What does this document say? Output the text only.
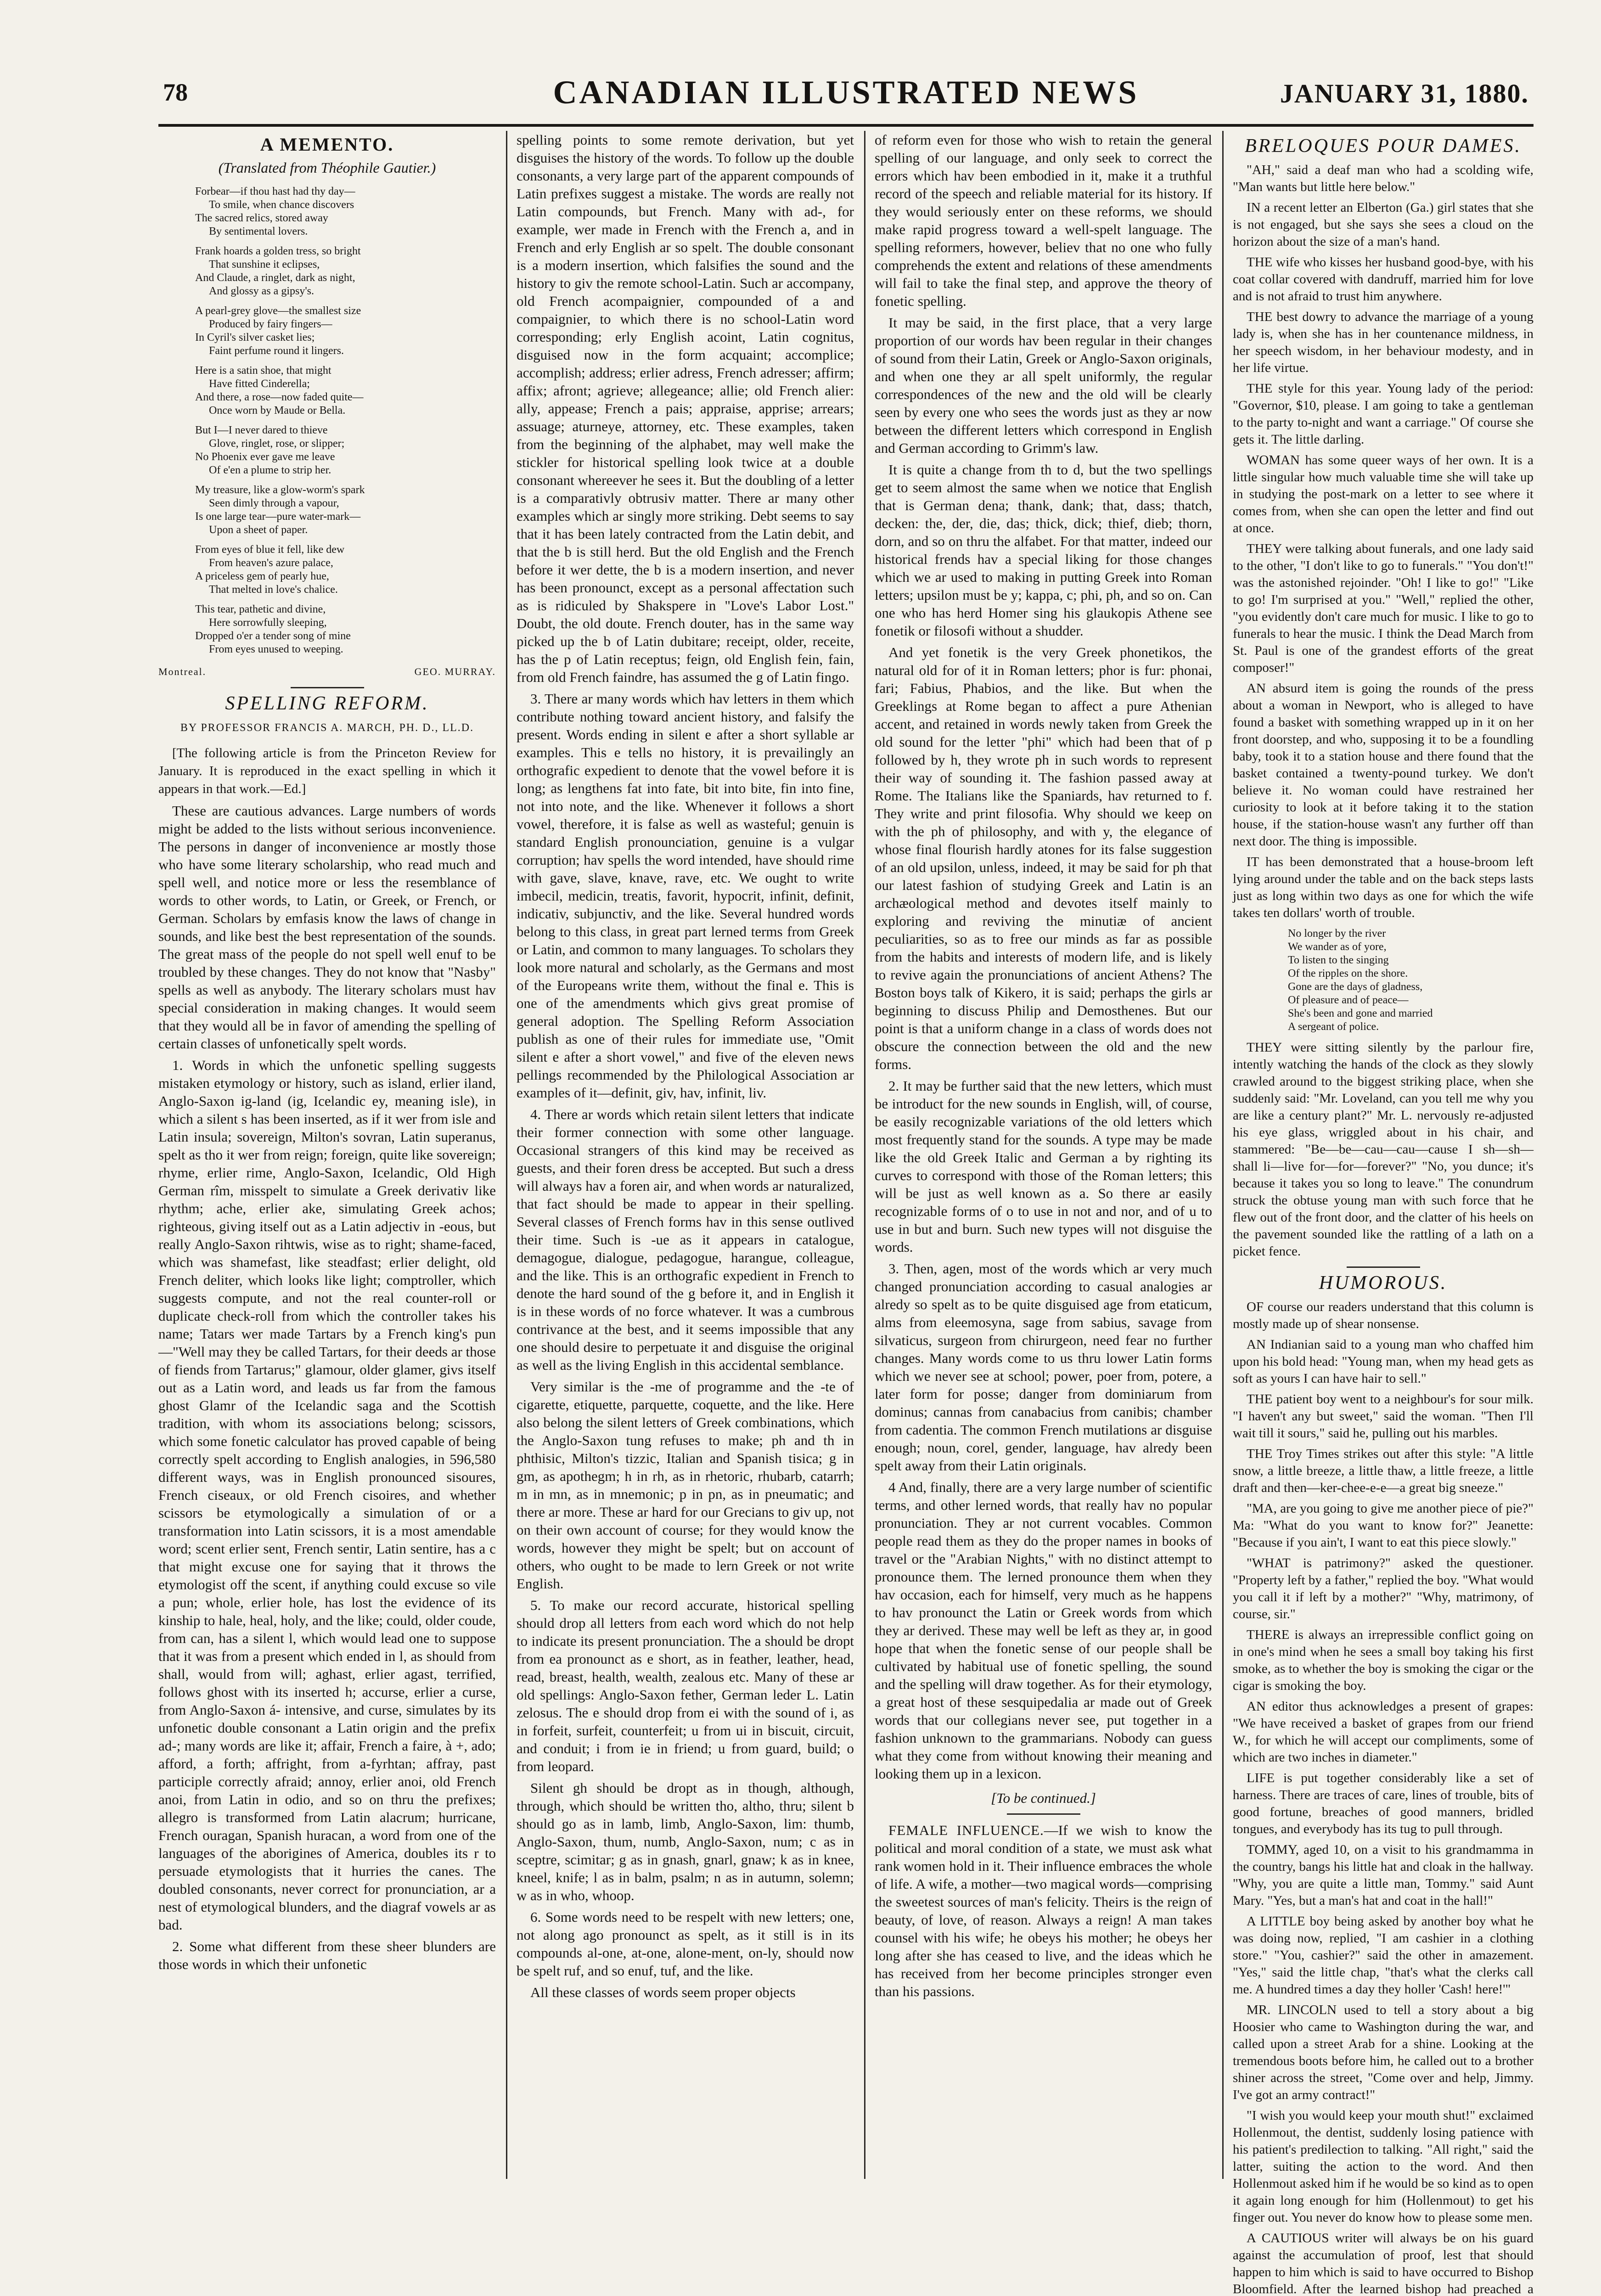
78	CANADIAN ILLUSTRATED NEWS	JANUARY 31, 1880.
A MEMENTO.
(Translated from Théophile Gautier.)
Forbear—if thou hast had thy day—
To smile, when chance discovers
The sacred relics, stored away
By sentimental lovers.
Frank hoards a golden tress, so bright
That sunshine it eclipses,
And Claude, a ringlet, dark as night,
And glossy as a gipsy's.
A pearl-grey glove—the smallest size
Produced by fairy fingers—
In Cyril's silver casket lies;
Faint perfume round it lingers.
Here is a satin shoe, that might
Have fitted Cinderella;
And there, a rose—now faded quite—
Once worn by Maude or Bella.
But I—I never dared to thieve
Glove, ringlet, rose, or slipper;
No Phoenix ever gave me leave
Of e'en a plume to strip her.
My treasure, like a glow-worm's spark
Seen dimly through a vapour,
Is one large tear—pure water-mark—
Upon a sheet of paper.
From eyes of blue it fell, like dew
From heaven's azure palace,
A priceless gem of pearly hue,
That melted in love's chalice.
This tear, pathetic and divine,
Here sorrowfully sleeping,
Dropped o'er a tender song of mine
From eyes unused to weeping.
Montreal.	GEO. MURRAY.
SPELLING REFORM.
BY PROFESSOR FRANCIS A. MARCH, PH. D., LL.D.

[The following article is from the Princeton Review for January. It is reproduced in the exact spelling in which it appears in that work.—Ed.]

These are cautious advances. Large numbers of words might be added to the lists without serious inconvenience. The persons in danger of inconvenience ar mostly those who have some literary scholarship, who read much and spell well, and notice more or less the resemblance of words to other words, to Latin, or Greek, or French, or German. Scholars by emfasis know the laws of change in sounds, and like best the best representation of the sounds. The great mass of the people do not spell well enuf to be troubled by these changes. They do not know that "Nasby" spells as well as anybody. The literary scholars must hav special consideration in making changes. It would seem that they would all be in favor of amending the spelling of certain classes of unfonetically spelt words.

1. Words in which the unfonetic spelling suggests mistaken etymology or history, such as island, erlier iland, Anglo-Saxon ig-land (ig, Icelandic ey, meaning isle), in which a silent s has been inserted, as if it wer from isle and Latin insula; sovereign, Milton's sovran, Latin superanus, spelt as tho it wer from reign; foreign, quite like sovereign; rhyme, erlier rime, Anglo-Saxon, Icelandic, Old High German rîm, misspelt to simulate a Greek derivativ like rhythm; ache, erlier ake, simulating Greek achos; righteous, giving itself out as a Latin adjectiv in -eous, but really Anglo-Saxon rihtwis, wise as to right; shame-faced, which was shamefast, like steadfast; erlier delight, old French deliter, which looks like light; comptroller, which suggests compute, and not the real counter-roll or duplicate check-roll from which the controller takes his name; Tatars wer made Tartars by a French king's pun—"Well may they be called Tartars, for their deeds ar those of fiends from Tartarus;" glamour, older glamer, givs itself out as a Latin word, and leads us far from the famous ghost Glamr of the Icelandic saga and the Scottish tradition, with whom its associations belong; scissors, which some fonetic calculator has proved capable of being correctly spelt according to English analogies, in 596,580 different ways, was in English pronounced sisoures, French ciseaux, or old French cisoires, and whether scissors be etymologically a simulation of or a transformation into Latin scissors, it is a most amendable word; scent erlier sent, French sentir, Latin sentire, has a c that might excuse one for saying that it throws the etymologist off the scent, if anything could excuse so vile a pun; whole, erlier hole, has lost the evidence of its kinship to hale, heal, holy, and the like; could, older coude, from can, has a silent l, which would lead one to suppose that it was from a present which ended in l, as should from shall, would from will; aghast, erlier agast, terrified, follows ghost with its inserted h; accurse, erlier a curse, from Anglo-Saxon á- intensive, and curse, simulates by its unfonetic double consonant a Latin origin and the prefix ad-; many words are like it; affair, French a faire, à +, ado; afford, a forth; affright, from a-fyrhtan; affray, past participle correctly afraid; annoy, erlier anoi, old French anoi, from Latin in odio, and so on thru the prefixes; allegro is transformed from Latin alacrum; hurricane, French ouragan, Spanish huracan, a word from one of the languages of the aborigines of America, doubles its r to persuade etymologists that it hurries the canes. The doubled consonants, never correct for pronunciation, ar a nest of etymological blunders, and the diagraf vowels ar as bad.

2. Some what different from these sheer blunders are those words in which their unfonetic

spelling points to some remote derivation, but yet disguises the history of the words. To follow up the double consonants, a very large part of the apparent compounds of Latin prefixes suggest a mistake. The words are really not Latin compounds, but French. Many with ad-, for example, wer made in French with the French a, and in French and erly English ar so spelt. The double consonant is a modern insertion, which falsifies the sound and the history to giv the remote school-Latin. Such ar accompany, old French acompaignier, compounded of a and compaignier, to which there is no school-Latin word corresponding; erly English acoint, Latin cognitus, disguised now in the form acquaint; accomplice; accomplish; address; erlier adress, French adresser; affirm; affix; afront; agrieve; allegeance; allie; old French alier: ally, appease; French a pais; appraise, apprise; arrears; assuage; aturneye, attorney, etc. These examples, taken from the beginning of the alphabet, may well make the stickler for historical spelling look twice at a double consonant whereever he sees it. But the doubling of a letter is a comparativly obtrusiv matter. There ar many other examples which ar singly more striking. Debt seems to say that it has been lately contracted from the Latin debit, and that the b is still herd. But the old English and the French before it wer dette, the b is a modern insertion, and never has been pronounct, except as a personal affectation such as is ridiculed by Shakspere in "Love's Labor Lost." Doubt, the old doute. French douter, has in the same way picked up the b of Latin dubitare; receipt, older, receite, has the p of Latin receptus; feign, old English fein, fain, from old French faindre, has assumed the g of Latin fingo.

3. There ar many words which hav letters in them which contribute nothing toward ancient history, and falsify the present. Words ending in silent e after a short syllable ar examples. This e tells no history, it is prevailingly an orthografic expedient to denote that the vowel before it is long; as lengthens fat into fate, bit into bite, fin into fine, not into note, and the like. Whenever it follows a short vowel, therefore, it is false as well as wasteful; genuin is standard English pronounciation, genuine is a vulgar corruption; hav spells the word intended, have should rime with gave, slave, knave, rave, etc. We ought to write imbecil, medicin, treatis, favorit, hypocrit, infinit, definit, indicativ, subjunctiv, and the like. Several hundred words belong to this class, in great part lerned terms from Greek or Latin, and common to many languages. To scholars they look more natural and scholarly, as the Germans and most of the Europeans write them, without the final e. This is one of the amendments which givs great promise of general adoption. The Spelling Reform Association publish as one of their rules for immediate use, "Omit silent e after a short vowel," and five of the eleven news pellings recommended by the Philological Association ar examples of it—definit, giv, hav, infinit, liv.

4. There ar words which retain silent letters that indicate their former connection with some other language. Occasional strangers of this kind may be received as guests, and their foren dress be accepted. But such a dress will always hav a foren air, and when words ar naturalized, that fact should be made to appear in their spelling. Several classes of French forms hav in this sense outlived their time. Such is -ue as it appears in catalogue, demagogue, dialogue, pedagogue, harangue, colleague, and the like. This is an orthografic expedient in French to denote the hard sound of the g before it, and in English it is in these words of no force whatever. It was a cumbrous contrivance at the best, and it seems impossible that any one should desire to perpetuate it and disguise the original as well as the living English in this accidental semblance.

Very similar is the -me of programme and the -te of cigarette, etiquette, parquette, coquette, and the like. Here also belong the silent letters of Greek combinations, which the Anglo-Saxon tung refuses to make; ph and th in phthisic, Milton's tizzic, Italian and Spanish tisica; g in gm, as apothegm; h in rh, as in rhetoric, rhubarb, catarrh; m in mn, as in mnemonic; p in pn, as in pneumatic; and there ar more. These ar hard for our Grecians to giv up, not on their own account of course; for they would know the words, however they might be spelt; but on account of others, who ought to be made to lern Greek or not write English.

5. To make our record accurate, historical spelling should drop all letters from each word which do not help to indicate its present pronunciation. The a should be dropt from ea pronounct as e short, as in feather, leather, head, read, breast, health, wealth, zealous etc. Many of these ar old spellings: Anglo-Saxon fether, German leder L. Latin zelosus. The e should drop from ei with the sound of i, as in forfeit, surfeit, counterfeit; u from ui in biscuit, circuit, and conduit; i from ie in friend; u from guard, build; o from leopard.

Silent gh should be dropt as in though, although, through, which should be written tho, altho, thru; silent b should go as in lamb, limb, Anglo-Saxon, lim: thumb, Anglo-Saxon, thum, numb, Anglo-Saxon, num; c as in sceptre, scimitar; g as in gnash, gnarl, gnaw; k as in knee, kneel, knife; l as in balm, psalm; n as in autumn, solemn; w as in who, whoop.

6. Some words need to be respelt with new letters; one, not along ago pronounct as spelt, as it still is in its compounds al-one, at-one, alone-ment, on-ly, should now be spelt ruf, and so enuf, tuf, and the like.

All these classes of words seem proper objects

of reform even for those who wish to retain the general spelling of our language, and only seek to correct the errors which hav been embodied in it, make it a truthful record of the speech and reliable material for its history. If they would seriously enter on these reforms, we should make rapid progress toward a well-spelt language. The spelling reformers, however, believ that no one who fully comprehends the extent and relations of these amendments will fail to take the final step, and approve the theory of fonetic spelling.

It may be said, in the first place, that a very large proportion of our words hav been regular in their changes of sound from their Latin, Greek or Anglo-Saxon originals, and when one they ar all spelt uniformly, the regular correspondences of the new and the old will be clearly seen by every one who sees the words just as they ar now between the different letters which correspond in English and German according to Grimm's law.

It is quite a change from th to d, but the two spellings get to seem almost the same when we notice that English that is German dena; thank, dank; that, dass; thatch, decken: the, der, die, das; thick, dick; thief, dieb; thorn, dorn, and so on thru the alfabet. For that matter, indeed our historical frends hav a special liking for those changes which we ar used to making in putting Greek into Roman letters; upsilon must be y; kappa, c; phi, ph, and so on. Can one who has herd Homer sing his glaukopis Athene see fonetik or filosofi without a shudder.

And yet fonetik is the very Greek phonetikos, the natural old for of it in Roman letters; phor is fur: phonai, fari; Fabius, Phabios, and the like. But when the Greeklings at Rome began to affect a pure Athenian accent, and retained in words newly taken from Greek the old sound for the letter "phi" which had been that of p followed by h, they wrote ph in such words to represent their way of sounding it. The fashion passed away at Rome. The Italians like the Spaniards, hav returned to f. They write and print filosofia. Why should we keep on with the ph of philosophy, and with y, the elegance of whose final flourish hardly atones for its false suggestion of an old upsilon, unless, indeed, it may be said for ph that our latest fashion of studying Greek and Latin is an archæological method and devotes itself mainly to exploring and reviving the minutiæ of ancient peculiarities, so as to free our minds as far as possible from the habits and interests of modern life, and is likely to revive again the pronunciations of ancient Athens? The Boston boys talk of Kikero, it is said; perhaps the girls ar beginning to discuss Philip and Demosthenes. But our point is that a uniform change in a class of words does not obscure the connection between the old and the new forms.

2. It may be further said that the new letters, which must be introduct for the new sounds in English, will, of course, be easily recognizable variations of the old letters which most frequently stand for the sounds. A type may be made like the old Greek Italic and German a by righting its curves to correspond with those of the Roman letters; this will be just as well known as a. So there ar easily recognizable forms of o to use in not and nor, and of u to use in but and burn. Such new types will not disguise the words.

3. Then, agen, most of the words which ar very much changed pronunciation according to casual analogies ar alredy so spelt as to be quite disguised age from etaticum, alms from eleemosyna, sage from sabius, savage from silvaticus, surgeon from chirurgeon, need fear no further changes. Many words come to us thru lower Latin forms which we never see at school; power, poer from, potere, a later form for posse; danger from dominiarum from dominus; cannas from canabacius from canibis; chamber from cadentia. The common French mutilations ar disguise enough; noun, corel, gender, language, hav alredy been spelt away from their Latin originals.

4 And, finally, there are a very large number of scientific terms, and other lerned words, that really hav no popular pronunciation. They ar not current vocables. Common people read them as they do the proper names in books of travel or the "Arabian Nights," with no distinct attempt to pronounce them. The lerned pronounce them when they hav occasion, each for himself, very much as he happens to hav pronounct the Latin or Greek words from which they ar derived. These may well be left as they ar, in good hope that when the fonetic sense of our people shall be cultivated by habitual use of fonetic spelling, the sound and the spelling will draw together. As for their etymology, a great host of these sesquipedalia ar made out of Greek words that our collegians never see, put together in a fashion unknown to the grammarians. Nobody can guess what they come from without knowing their meaning and looking them up in a lexicon.

[To be continued.]

FEMALE INFLUENCE.—If we wish to know the political and moral condition of a state, we must ask what rank women hold in it. Their influence embraces the whole of life. A wife, a mother—two magical words—comprising the sweetest sources of man's felicity. Theirs is the reign of beauty, of love, of reason. Always a reign! A man takes counsel with his wife; he obeys his mother; he obeys her long after she has ceased to live, and the ideas which he has received from her become principles stronger even than his passions.

BRELOQUES POUR DAMES.

"AH," said a deaf man who had a scolding wife, "Man wants but little here below."

IN a recent letter an Elberton (Ga.) girl states that she is not engaged, but she says she sees a cloud on the horizon about the size of a man's hand.

THE wife who kisses her husband good-bye, with his coat collar covered with dandruff, married him for love and is not afraid to trust him anywhere.

THE best dowry to advance the marriage of a young lady is, when she has in her countenance mildness, in her speech wisdom, in her behaviour modesty, and in her life virtue.

THE style for this year. Young lady of the period: "Governor, $10, please. I am going to take a gentleman to the party to-night and want a carriage." Of course she gets it. The little darling.

WOMAN has some queer ways of her own. It is a little singular how much valuable time she will take up in studying the post-mark on a letter to see where it comes from, when she can open the letter and find out at once.

THEY were talking about funerals, and one lady said to the other, "I don't like to go to funerals." "You don't!" was the astonished rejoinder. "Oh! I like to go!" "Like to go! I'm surprised at you." "Well," replied the other, "you evidently don't care much for music. I like to go to funerals to hear the music. I think the Dead March from St. Paul is one of the grandest efforts of the great composer!"

AN absurd item is going the rounds of the press about a woman in Newport, who is alleged to have found a basket with something wrapped up in it on her front doorstep, and who, supposing it to be a foundling baby, took it to a station house and there found that the basket contained a twenty-pound turkey. We don't believe it. No woman could have restrained her curiosity to look at it before taking it to the station house, if the station-house wasn't any further off than next door. The thing is impossible.

IT has been demonstrated that a house-broom left lying around under the table and on the back steps lasts just as long within two days as one for which the wife takes ten dollars' worth of trouble.

No longer by the river
We wander as of yore,
To listen to the singing
Of the ripples on the shore.
Gone are the days of gladness,
Of pleasure and of peace—
She's been and gone and married
A sergeant of police.

THEY were sitting silently by the parlour fire, intently watching the hands of the clock as they slowly crawled around to the biggest striking place, when she suddenly said: "Mr. Loveland, can you tell me why you are like a century plant?" Mr. L. nervously re-adjusted his eye glass, wriggled about in his chair, and stammered: "Be—be—cau—cau—cause I sh—sh—shall li—live for—for—forever?" "No, you dunce; it's because it takes you so long to leave." The conundrum struck the obtuse young man with such force that he flew out of the front door, and the clatter of his heels on the pavement sounded like the rattling of a lath on a picket fence.

HUMOROUS.

OF course our readers understand that this column is mostly made up of shear nonsense.

AN Indianian said to a young man who chaffed him upon his bold head: "Young man, when my head gets as soft as yours I can have hair to sell."

THE patient boy went to a neighbour's for sour milk. "I haven't any but sweet," said the woman. "Then I'll wait till it sours," said he, pulling out his marbles.

THE Troy Times strikes out after this style: "A little snow, a little breeze, a little thaw, a little freeze, a little draft and then—ker-chee-e-e—a great big sneeze."

"MA, are you going to give me another piece of pie?" Ma: "What do you want to know for?" Jeanette: "Because if you ain't, I want to eat this piece slowly."

"WHAT is patrimony?" asked the questioner. "Property left by a father," replied the boy. "What would you call it if left by a mother?" "Why, matrimony, of course, sir."

THERE is always an irrepressible conflict going on in one's mind when he sees a small boy taking his first smoke, as to whether the boy is smoking the cigar or the cigar is smoking the boy.

AN editor thus acknowledges a present of grapes: "We have received a basket of grapes from our friend W., for which he will accept our compliments, some of which are two inches in diameter."

LIFE is put together considerably like a set of harness. There are traces of care, lines of trouble, bits of good fortune, breaches of good manners, bridled tongues, and everybody has its tug to pull through.

TOMMY, aged 10, on a visit to his grandmamma in the country, bangs his little hat and cloak in the hallway. "Why, you are quite a little man, Tommy." said Aunt Mary. "Yes, but a man's hat and coat in the hall!"

A LITTLE boy being asked by another boy what he was doing now, replied, "I am cashier in a clothing store." "You, cashier?" said the other in amazement. "Yes," said the little chap, "that's what the clerks call me. A hundred times a day they holler 'Cash! here!'"

MR. LINCOLN used to tell a story about a big Hoosier who came to Washington during the war, and called upon a street Arab for a shine. Looking at the tremendous boots before him, he called out to a brother shiner across the street, "Come over and help, Jimmy. I've got an army contract!"

"I wish you would keep your mouth shut!" exclaimed Hollenmout, the dentist, suddenly losing patience with his patient's predilection to talking. "All right," said the latter, suiting the action to the word. And then Hollenmout asked him if he would be so kind as to open it again long enough for him (Hollenmout) to get his finger out. You never do know how to please some men.

A CAUTIOUS writer will always be on his guard against the accumulation of proof, lest that should happen to him which is said to have occurred to Bishop Bloomfield. After the learned bishop had preached a
